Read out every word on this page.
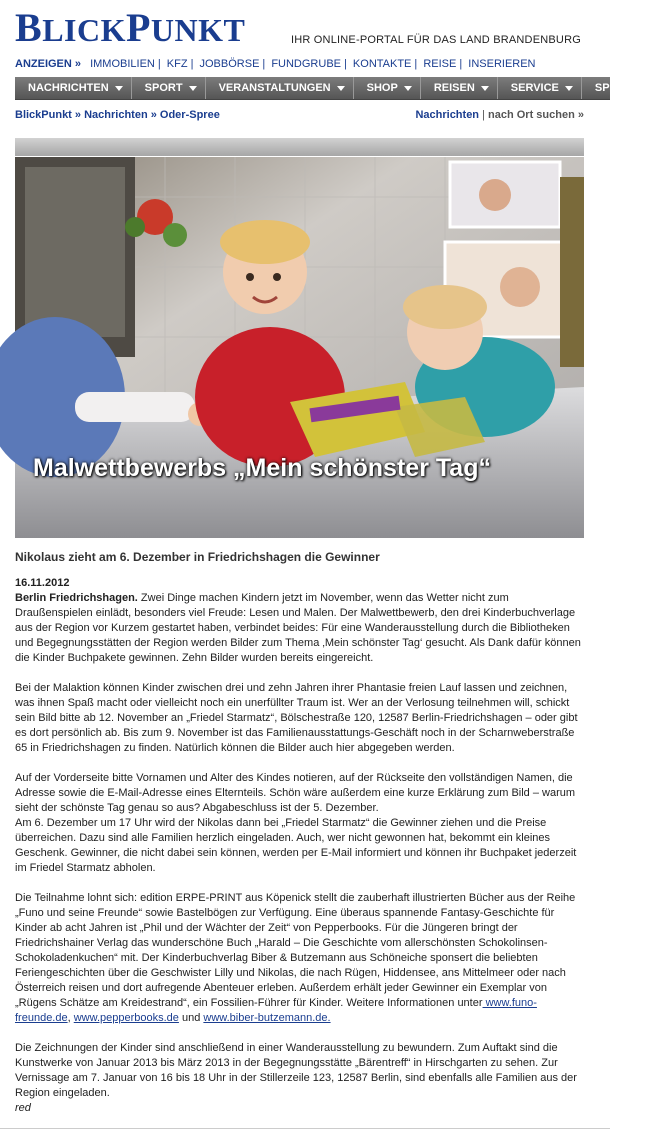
BLICKPUNKT	IHR ONLINE-PORTAL FÜR DAS LAND BRANDENBURG
ANZEIGEN » IMMOBILIEN | KFZ | JOBBÖRSE | FUNDGRUBE | KONTAKTE | REISE | INSERIEREN
NACHRICHTEN	SPORT	VERANSTALTUNGEN	SHOP	REISEN	SERVICE	SPECIALS
BlickPunkt » Nachrichten » Oder-Spree	Nachrichten | nach Ort suchen »
Malwettbewerbs „Mein schönster Tag“
Nikolaus zieht am 6. Dezember in Friedrichshagen die Gewinner

16.11.2012
Berlin Friedrichshagen. Zwei Dinge machen Kindern jetzt im November, wenn das Wetter nicht zum Draußenspielen einlädt, besonders viel Freude: Lesen und Malen. Der Malwettbewerb, den drei Kinderbuchverlage aus der Region vor Kurzem gestartet haben, verbindet beides: Für eine Wanderausstellung durch die Bibliotheken und Begegnungsstätten der Region werden Bilder zum Thema ‚Mein schönster Tag‘ gesucht. Als Dank dafür können die Kinder Buchpakete gewinnen. Zehn Bilder wurden bereits eingereicht.

Bei der Malaktion können Kinder zwischen drei und zehn Jahren ihrer Phantasie freien Lauf lassen und zeichnen, was ihnen Spaß macht oder vielleicht noch ein unerfüllter Traum ist. Wer an der Verlosung teilnehmen will, schickt sein Bild bitte ab 12. November an „Friedel Starmatz“, Bölschestraße 120, 12587 Berlin-Friedrichshagen – oder gibt es dort persönlich ab. Bis zum 9. November ist das Familienausstattungs-Geschäft noch in der Scharnweberstraße 65 in Friedrichshagen zu finden. Natürlich können die Bilder auch hier abgegeben werden.

Auf der Vorderseite bitte Vornamen und Alter des Kindes notieren, auf der Rückseite den vollständigen Namen, die Adresse sowie die E-Mail-Adresse eines Elternteils. Schön wäre außerdem eine kurze Erklärung zum Bild – warum sieht der schönste Tag genau so aus? Abgabeschluss ist der 5. Dezember.
Am 6. Dezember um 17 Uhr wird der Nikolas dann bei „Friedel Starmatz“ die Gewinner ziehen und die Preise überreichen. Dazu sind alle Familien herzlich eingeladen. Auch, wer nicht gewonnen hat, bekommt ein kleines Geschenk. Gewinner, die nicht dabei sein können, werden per E-Mail informiert und können ihr Buchpaket jederzeit im Friedel Starmatz abholen.

Die Teilnahme lohnt sich: edition ERPE-PRINT aus Köpenick stellt die zauberhaft illustrierten Bücher aus der Reihe „Funo und seine Freunde“ sowie Bastelbögen zur Verfügung. Eine überaus spannende Fantasy-Geschichte für Kinder ab acht Jahren ist „Phil und der Wächter der Zeit“ von Pepperbooks. Für die Jüngeren bringt der Friedrichshainer Verlag das wunderschöne Buch „Harald – Die Geschichte vom allerschönsten Schokolinsen-Schokoladenkuchen“ mit. Der Kinderbuchverlag Biber & Butzemann aus Schöneiche sponsert die beliebten Feriengeschichten über die Geschwister Lilly und Nikolas, die nach Rügen, Hiddensee, ans Mittelmeer oder nach Österreich reisen und dort aufregende Abenteuer erleben. Außerdem erhält jeder Gewinner ein Exemplar von „Rügens Schätze am Kreidestrand“, ein Fossilien-Führer für Kinder. Weitere Informationen unter www.funo-freunde.de, www.pepperbooks.de und www.biber-butzemann.de.

Die Zeichnungen der Kinder sind anschließend in einer Wanderausstellung zu bewundern. Zum Auftakt sind die Kunstwerke von Januar 2013 bis März 2013 in der Begegnungsstätte „Bärentreff“ in Hirschgarten zu sehen. Zur Vernissage am 7. Januar von 16 bis 18 Uhr in der Stillerzeile 123, 12587 Berlin, sind ebenfalls alle Familien aus der Region eingeladen.
red
